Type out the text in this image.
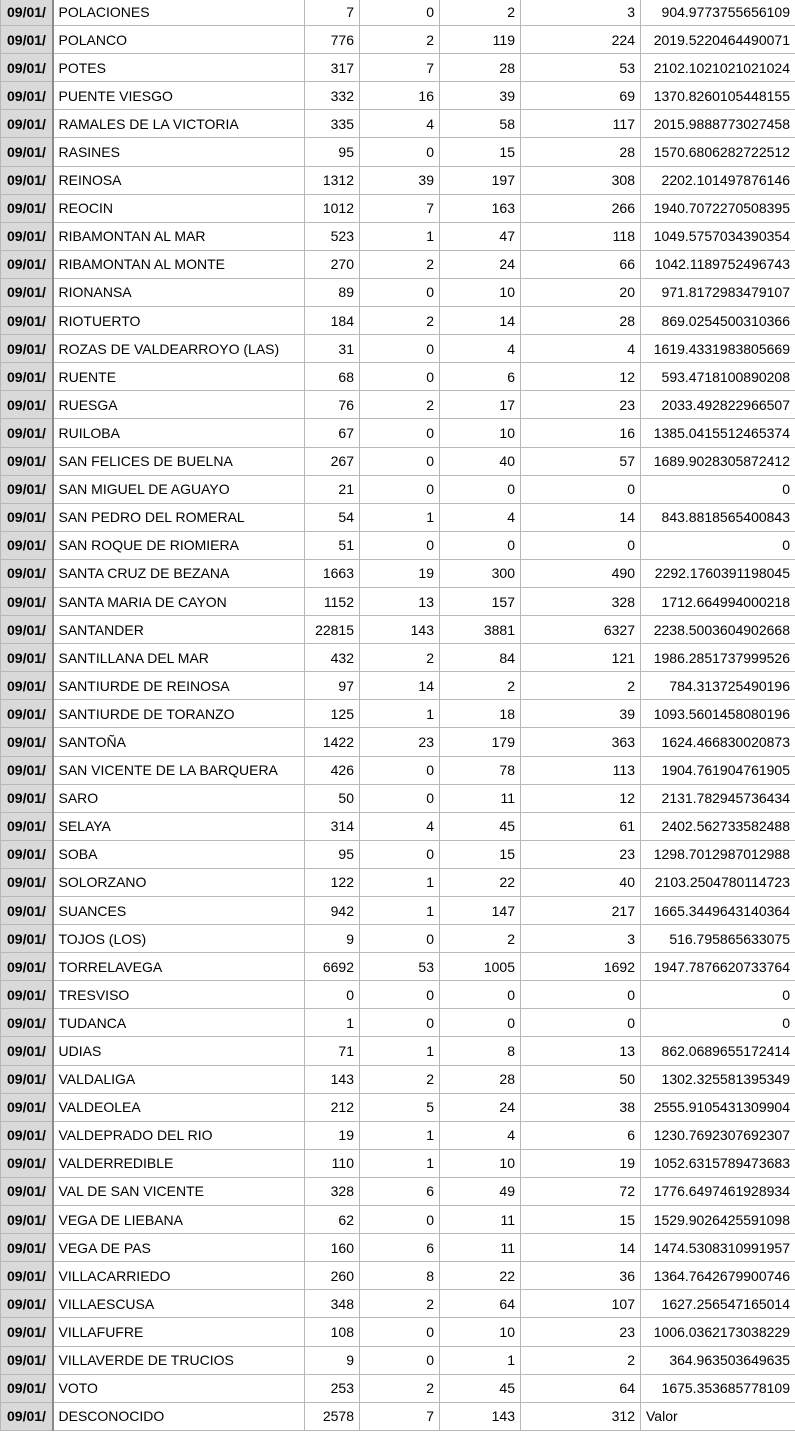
09/01/	POLACIONES	7	0	2	3	904.9773755656109
09/01/	POLANCO	776	2	119	224	2019.5220464490071
09/01/	POTES	317	7	28	53	2102.1021021021024
09/01/	PUENTE VIESGO	332	16	39	69	1370.8260105448155
09/01/	RAMALES DE LA VICTORIA	335	4	58	117	2015.9888773027458
09/01/	RASINES	95	0	15	28	1570.6806282722512
09/01/	REINOSA	1312	39	197	308	2202.101497876146
09/01/	REOCIN	1012	7	163	266	1940.7072270508395
09/01/	RIBAMONTAN AL MAR	523	1	47	118	1049.5757034390354
09/01/	RIBAMONTAN AL MONTE	270	2	24	66	1042.1189752496743
09/01/	RIONANSA	89	0	10	20	971.8172983479107
09/01/	RIOTUERTO	184	2	14	28	869.0254500310366
09/01/	ROZAS DE VALDEARROYO (LAS)	31	0	4	4	1619.4331983805669
09/01/	RUENTE	68	0	6	12	593.4718100890208
09/01/	RUESGA	76	2	17	23	2033.492822966507
09/01/	RUILOBA	67	0	10	16	1385.0415512465374
09/01/	SAN FELICES DE BUELNA	267	0	40	57	1689.9028305872412
09/01/	SAN MIGUEL DE AGUAYO	21	0	0	0	0
09/01/	SAN PEDRO DEL ROMERAL	54	1	4	14	843.8818565400843
09/01/	SAN ROQUE DE RIOMIERA	51	0	0	0	0
09/01/	SANTA CRUZ DE BEZANA	1663	19	300	490	2292.1760391198045
09/01/	SANTA MARIA DE CAYON	1152	13	157	328	1712.664994000218
09/01/	SANTANDER	22815	143	3881	6327	2238.5003604902668
09/01/	SANTILLANA DEL MAR	432	2	84	121	1986.2851737999526
09/01/	SANTIURDE DE REINOSA	97	14	2	2	784.313725490196
09/01/	SANTIURDE DE TORANZO	125	1	18	39	1093.5601458080196
09/01/	SANTOÑA	1422	23	179	363	1624.466830020873
09/01/	SAN VICENTE DE LA BARQUERA	426	0	78	113	1904.761904761905
09/01/	SARO	50	0	11	12	2131.782945736434
09/01/	SELAYA	314	4	45	61	2402.562733582488
09/01/	SOBA	95	0	15	23	1298.7012987012988
09/01/	SOLORZANO	122	1	22	40	2103.2504780114723
09/01/	SUANCES	942	1	147	217	1665.3449643140364
09/01/	TOJOS (LOS)	9	0	2	3	516.795865633075
09/01/	TORRELAVEGA	6692	53	1005	1692	1947.7876620733764
09/01/	TRESVISO	0	0	0	0	0
09/01/	TUDANCA	1	0	0	0	0
09/01/	UDIAS	71	1	8	13	862.0689655172414
09/01/	VALDALIGA	143	2	28	50	1302.325581395349
09/01/	VALDEOLEA	212	5	24	38	2555.9105431309904
09/01/	VALDEPRADO DEL RIO	19	1	4	6	1230.7692307692307
09/01/	VALDERREDIBLE	110	1	10	19	1052.6315789473683
09/01/	VAL DE SAN VICENTE	328	6	49	72	1776.6497461928934
09/01/	VEGA DE LIEBANA	62	0	11	15	1529.9026425591098
09/01/	VEGA DE PAS	160	6	11	14	1474.5308310991957
09/01/	VILLACARRIEDO	260	8	22	36	1364.7642679900746
09/01/	VILLAESCUSA	348	2	64	107	1627.256547165014
09/01/	VILLAFUFRE	108	0	10	23	1006.0362173038229
09/01/	VILLAVERDE DE TRUCIOS	9	0	1	2	364.963503649635
09/01/	VOTO	253	2	45	64	1675.353685778109
09/01/	DESCONOCIDO	2578	7	143	312	Valor
